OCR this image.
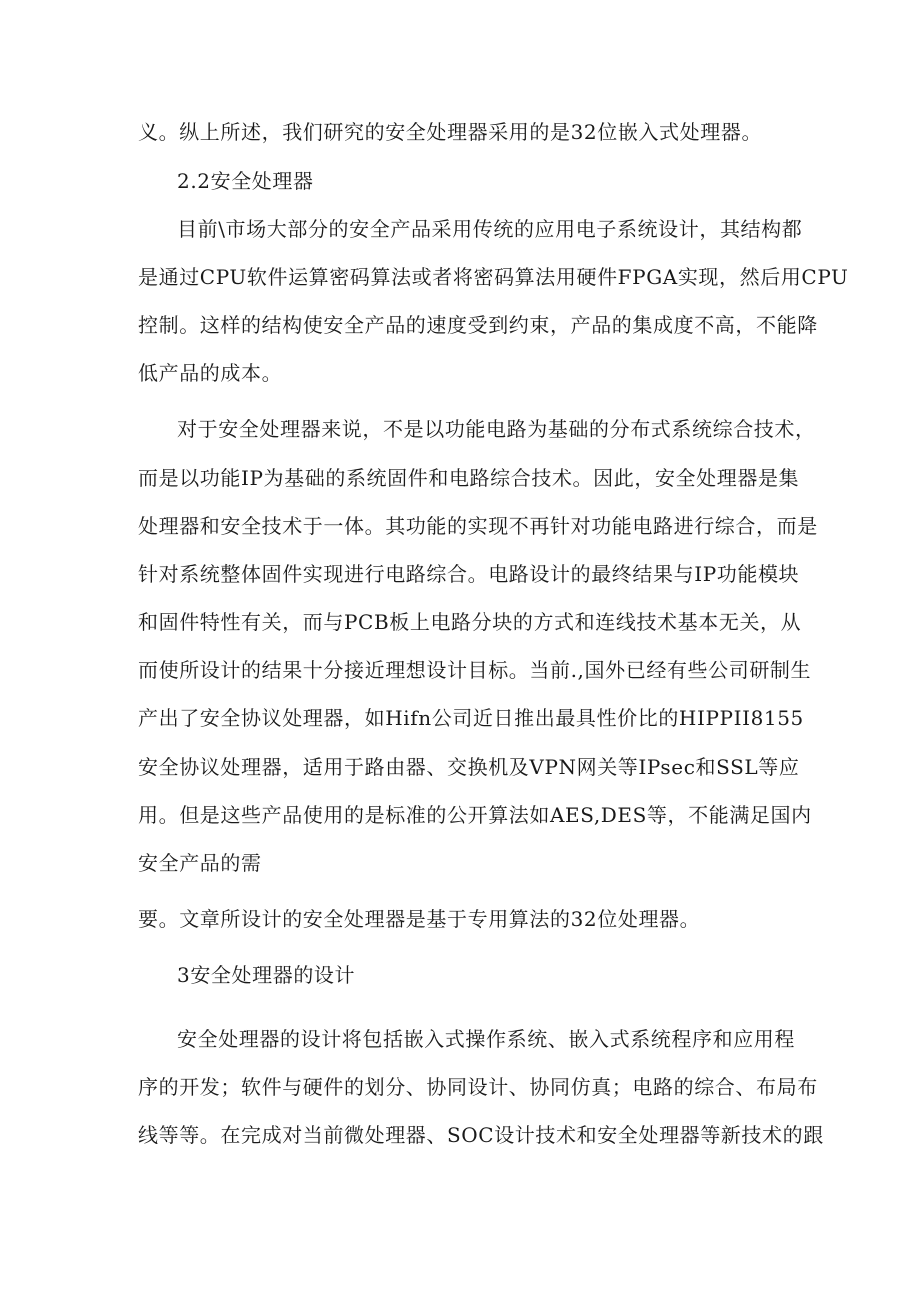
义。纵上所述，我们研究的安全处理器采用的是32位嵌入式处理器。
2.2安全处理器
目前\市场大部分的安全产品采用传统的应用电子系统设计，其结构都
是通过CPU软件运算密码算法或者将密码算法用硬件FPGA实现，然后用CPU
控制。这样的结构使安全产品的速度受到约束，产品的集成度不高，不能降
低产品的成本。
对于安全处理器来说，不是以功能电路为基础的分布式系统综合技术，
而是以功能IP为基础的系统固件和电路综合技术。因此，安全处理器是集
处理器和安全技术于一体。其功能的实现不再针对功能电路进行综合，而是
针对系统整体固件实现进行电路综合。电路设计的最终结果与IP功能模块
和固件特性有关，而与PCB板上电路分块的方式和连线技术基本无关，从
而使所设计的结果十分接近理想设计目标。当前.,国外已经有些公司研制生
产出了安全协议处理器，如Hifn公司近日推出最具性价比的HIPPII8155
安全协议处理器，适用于路由器、交换机及VPN网关等IPsec和SSL等应
用。但是这些产品使用的是标准的公开算法如AES,DES等，不能满足国内
安全产品的需
要。文章所设计的安全处理器是基于专用算法的32位处理器。
3安全处理器的设计
安全处理器的设计将包括嵌入式操作系统、嵌入式系统程序和应用程
序的开发；软件与硬件的划分、协同设计、协同仿真；电路的综合、布局布
线等等。在完成对当前微处理器、SOC设计技术和安全处理器等新技术的跟
